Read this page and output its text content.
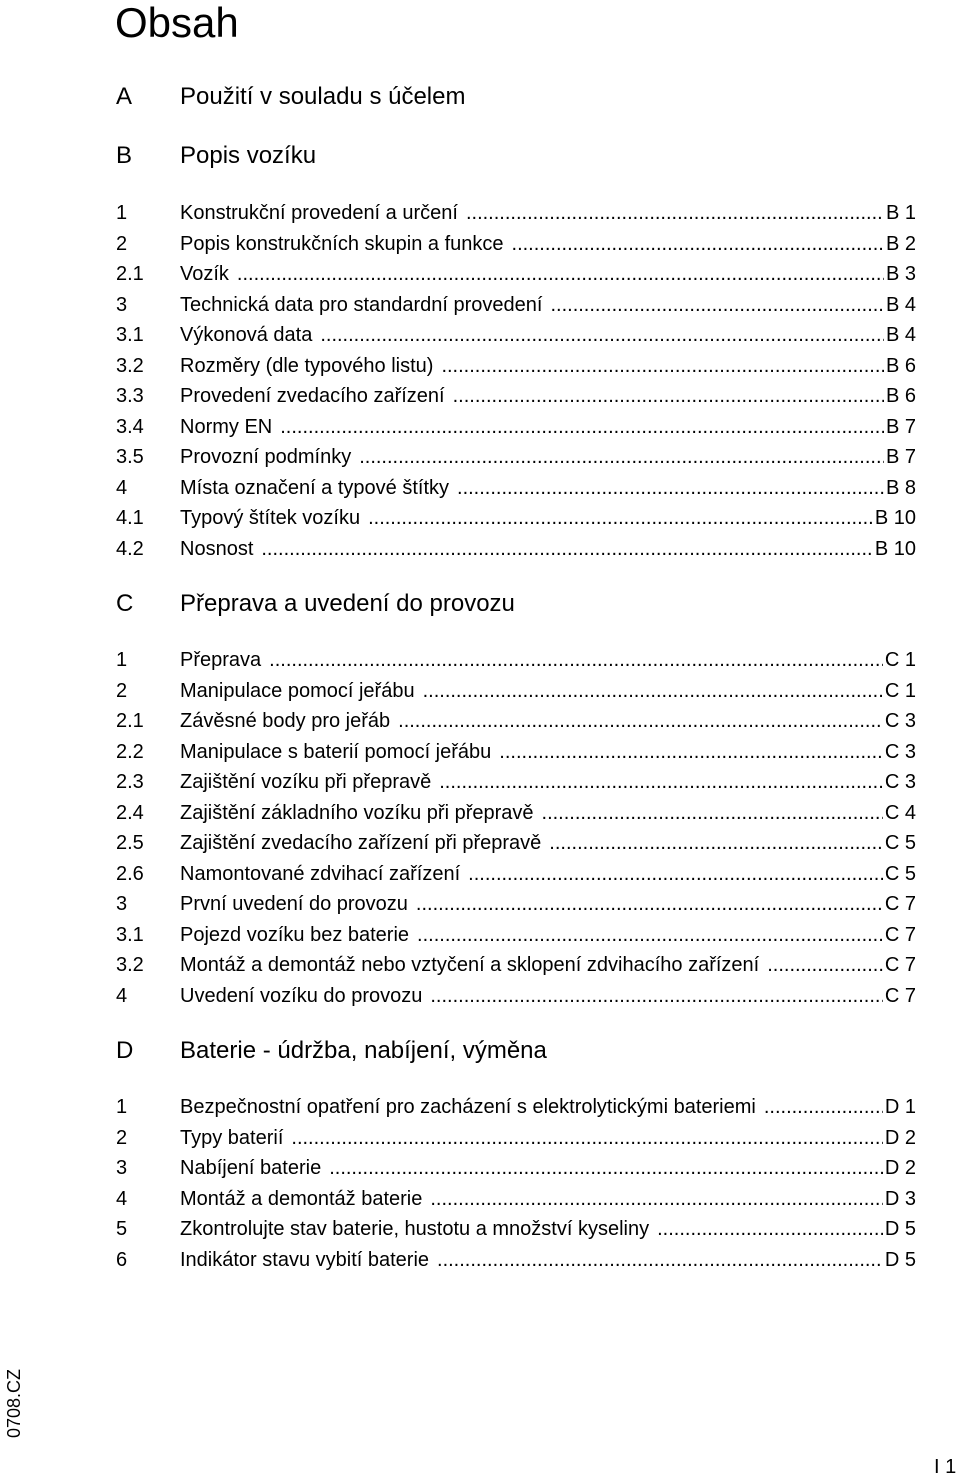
Obsah
A Použití v souladu s účelem
B Popis vozíku
1	Konstrukční provedení a určení .....	B 1
2	Popis konstrukčních skupin a funkce .....	B 2
2.1 Vozík .....	B 3
3	Technická data pro standardní provedení .....	B 4
3.1 Výkonová data .....	B 4
3.2 Rozměry (dle typového listu) .....	B 6
3.3 Provedení zvedacího zařízení .....	B 6
3.4 Normy EN .....	B 7
3.5 Provozní podmínky .....	B 7
4	Místa označení a typové štítky .....	B 8
4.1 Typový štítek vozíku .....	B 10
4.2 Nosnost .....	B 10
C Přeprava a uvedení do provozu
1	Přeprava .....	C 1
2	Manipulace pomocí jeřábu .....	C 1
2.1 Závěsné body pro jeřáb .....	C 3
2.2 Manipulace s baterií pomocí jeřábu .....	C 3
2.3 Zajištění vozíku při přepravě .....	C 3
2.4 Zajištění základního vozíku při přepravě .....	C 4
2.5 Zajištění zvedacího zařízení při přepravě .....	C 5
2.6 Namontované zdvihací zařízení .....	C 5
3	První uvedení do provozu .....	C 7
3.1 Pojezd vozíku bez baterie .....	C 7
3.2 Montáž a demontáž nebo vztyčení a sklopení zdvihacího zařízení .....	C 7
4	Uvedení vozíku do provozu .....	C 7
D Baterie - údržba, nabíjení, výměna
1	Bezpečnostní opatření pro zacházení s elektrolytickými bateriemi .....	D 1
2	Typy baterií .....	D 2
3	Nabíjení baterie .....	D 2
4	Montáž a demontáž baterie .....	D 3
5	Zkontrolujte stav baterie, hustotu a množství kyseliny .....	D 5
6	Indikátor stavu vybití baterie .....	D 5
0708.CZ
I 1
